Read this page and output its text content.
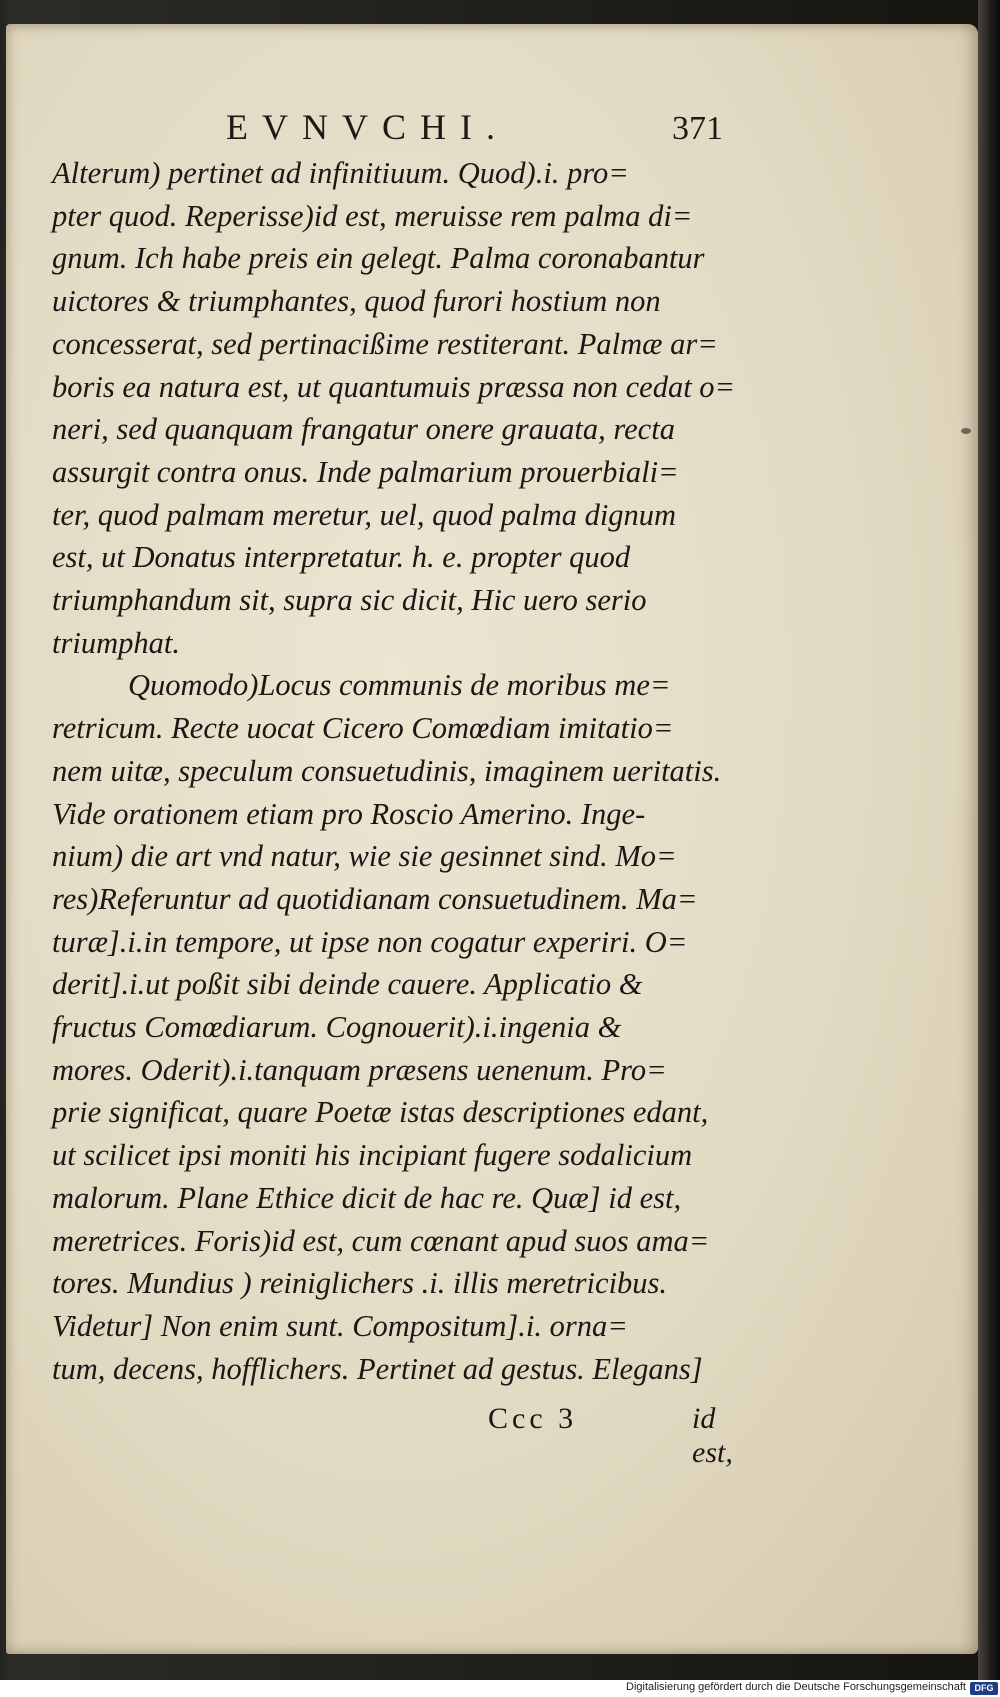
EVNVCHI.	371
Alterum) pertinet ad infinitiuum. Quod).i. pro=
pter quod. Reperisse)id est, meruisse rem palma di=
gnum. Ich habe preis ein gelegt. Palma coronabantur
uictores & triumphantes, quod furori hostium non
concesserat, sed pertinacißime restiterant. Palmæ ar=
boris ea natura est, ut quantumuis præssa non cedat o=
neri, sed quanquam frangatur onere grauata, recta
assurgit contra onus. Inde palmarium prouerbiali=
ter, quod palmam meretur, uel, quod palma dignum
est, ut Donatus interpretatur. h. e. propter quod
triumphandum sit, supra sic dicit, Hic uero serio
triumphat.
Quomodo)Locus communis de moribus me=
retricum. Recte uocat Cicero Comœdiam imitatio=
nem uitæ, speculum consuetudinis, imaginem ueritatis.
Vide orationem etiam pro Roscio Amerino. Inge-
nium) die art vnd natur, wie sie gesinnet sind. Mo=
res)Referuntur ad quotidianam consuetudinem. Ma=
turæ].i.in tempore, ut ipse non cogatur experiri. O=
derit].i.ut poßit sibi deinde cauere. Applicatio &
fructus Comœdiarum. Cognouerit).i.ingenia &
mores. Oderit).i.tanquam præsens uenenum. Pro=
prie significat, quare Poetæ istas descriptiones edant,
ut scilicet ipsi moniti his incipiant fugere sodalicium
malorum. Plane Ethice dicit de hac re. Quæ] id est,
meretrices. Foris)id est, cum cœnant apud suos ama=
tores. Mundius ) reiniglichers .i. illis meretricibus.
Videtur] Non enim sunt. Compositum].i. orna=
tum, decens, hofflichers. Pertinet ad gestus. Elegans]
Ccc 3	id est,
Digitalisierung gefördert durch die Deutsche Forschungsgemeinschaft DFG
